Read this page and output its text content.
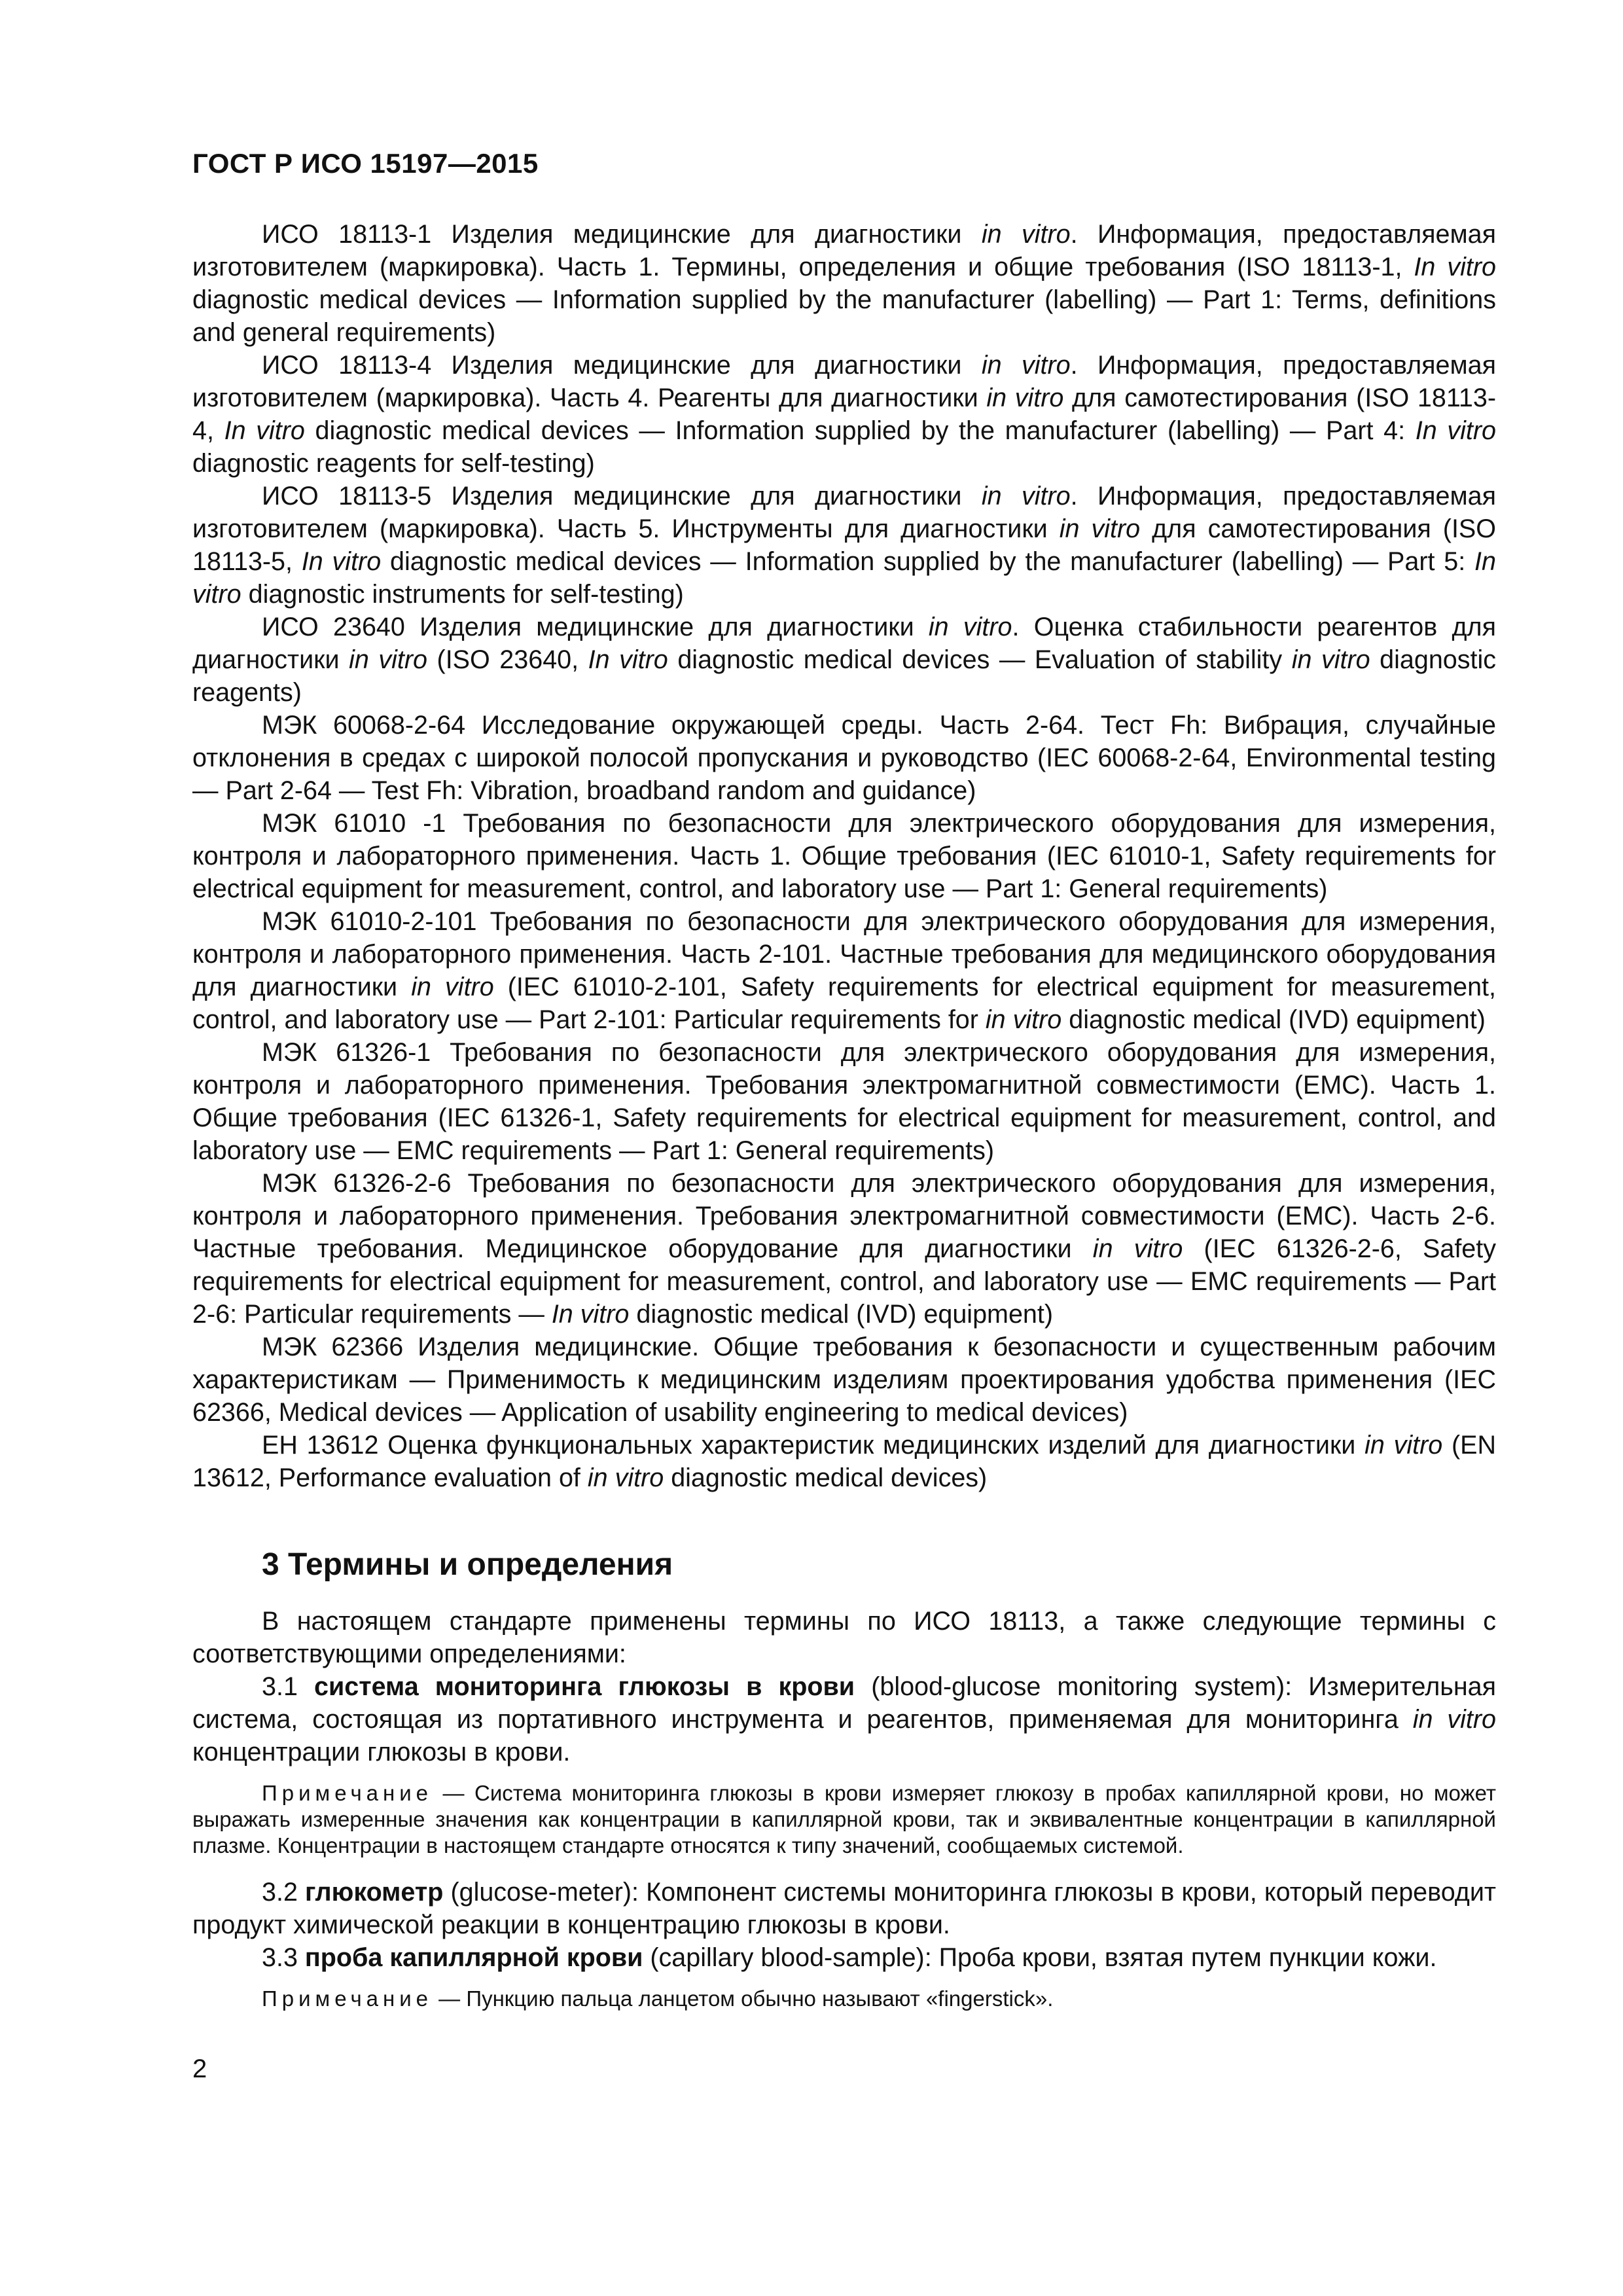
ГОСТ Р ИСО 15197—2015

ИСО 18113-1 Изделия медицинские для диагностики in vitro. Информация, предоставляемая изготовителем (маркировка). Часть 1. Термины, определения и общие требования (ISO 18113-1, In vitro diagnostic medical devices — Information supplied by the manufacturer (labelling) — Part 1: Terms, definitions and general requirements)

ИСО 18113-4 Изделия медицинские для диагностики in vitro. Информация, предоставляемая изготовителем (маркировка). Часть 4. Реагенты для диагностики in vitro для самотестирования (ISO 18113-4, In vitro diagnostic medical devices — Information supplied by the manufacturer (labelling) — Part 4: In vitro diagnostic reagents for self-testing)

ИСО 18113-5 Изделия медицинские для диагностики in vitro. Информация, предоставляемая изготовителем (маркировка). Часть 5. Инструменты для диагностики in vitro для самотестирования (ISO 18113-5, In vitro diagnostic medical devices — Information supplied by the manufacturer (labelling) — Part 5: In vitro diagnostic instruments for self-testing)

ИСО 23640 Изделия медицинские для диагностики in vitro. Оценка стабильности реагентов для диагностики in vitro (ISO 23640, In vitro diagnostic medical devices — Evaluation of stability in vitro diagnostic reagents)

МЭК 60068-2-64 Исследование окружающей среды. Часть 2-64. Тест Fh: Вибрация, случайные отклонения в средах с широкой полосой пропускания и руководство (IEC 60068-2-64, Environmental testing — Part 2-64 — Test Fh: Vibration, broadband random and guidance)

МЭК 61010 -1 Требования по безопасности для электрического оборудования для измерения, контроля и лабораторного применения. Часть 1. Общие требования (IEC 61010-1, Safety requirements for electrical equipment for measurement, control, and laboratory use — Part 1: General requirements)

МЭК 61010-2-101 Требования по безопасности для электрического оборудования для измерения, контроля и лабораторного применения. Часть 2-101. Частные требования для медицинского оборудования для диагностики in vitro (IEC 61010-2-101, Safety requirements for electrical equipment for measurement, control, and laboratory use — Part 2-101: Particular requirements for in vitro diagnostic medical (IVD) equipment)

МЭК 61326-1 Требования по безопасности для электрического оборудования для измерения, контроля и лабораторного применения. Требования электромагнитной совместимости (ЕМС). Часть 1. Общие требования (IEC 61326-1, Safety requirements for electrical equipment for measurement, control, and laboratory use — EMC requirements — Part 1: General requirements)

МЭК 61326-2-6 Требования по безопасности для электрического оборудования для измерения, контроля и лабораторного применения. Требования электромагнитной совместимости (ЕМС). Часть 2-6. Частные требования. Медицинское оборудование для диагностики in vitro (IEC 61326-2-6, Safety requirements for electrical equipment for measurement, control, and laboratory use — EMC requirements — Part 2-6: Particular requirements — In vitro diagnostic medical (IVD) equipment)

МЭК 62366 Изделия медицинские. Общие требования к безопасности и существенным рабочим характеристикам — Применимость к медицинским изделиям проектирования удобства применения (IEC 62366, Medical devices — Application of usability engineering to medical devices)

ЕН 13612 Оценка функциональных характеристик медицинских изделий для диагностики in vitro (EN 13612, Performance evaluation of in vitro diagnostic medical devices)

3 Термины и определения

В настоящем стандарте применены термины по ИСО 18113, а также следующие термины с соответствующими определениями:

3.1 система мониторинга глюкозы в крови (blood-glucose monitoring system): Измерительная система, состоящая из портативного инструмента и реагентов, применяемая для мониторинга in vitro концентрации глюкозы в крови.

Примечание — Система мониторинга глюкозы в крови измеряет глюкозу в пробах капиллярной крови, но может выражать измеренные значения как концентрации в капиллярной крови, так и эквивалентные концентрации в капиллярной плазме. Концентрации в настоящем стандарте относятся к типу значений, сообщаемых системой.

3.2 глюкометр (glucose-meter): Компонент системы мониторинга глюкозы в крови, который переводит продукт химической реакции в концентрацию глюкозы в крови.

3.3 проба капиллярной крови (capillary blood-sample): Проба крови, взятая путем пункции кожи.

Примечание — Пункцию пальца ланцетом обычно называют «fingerstick».

2
